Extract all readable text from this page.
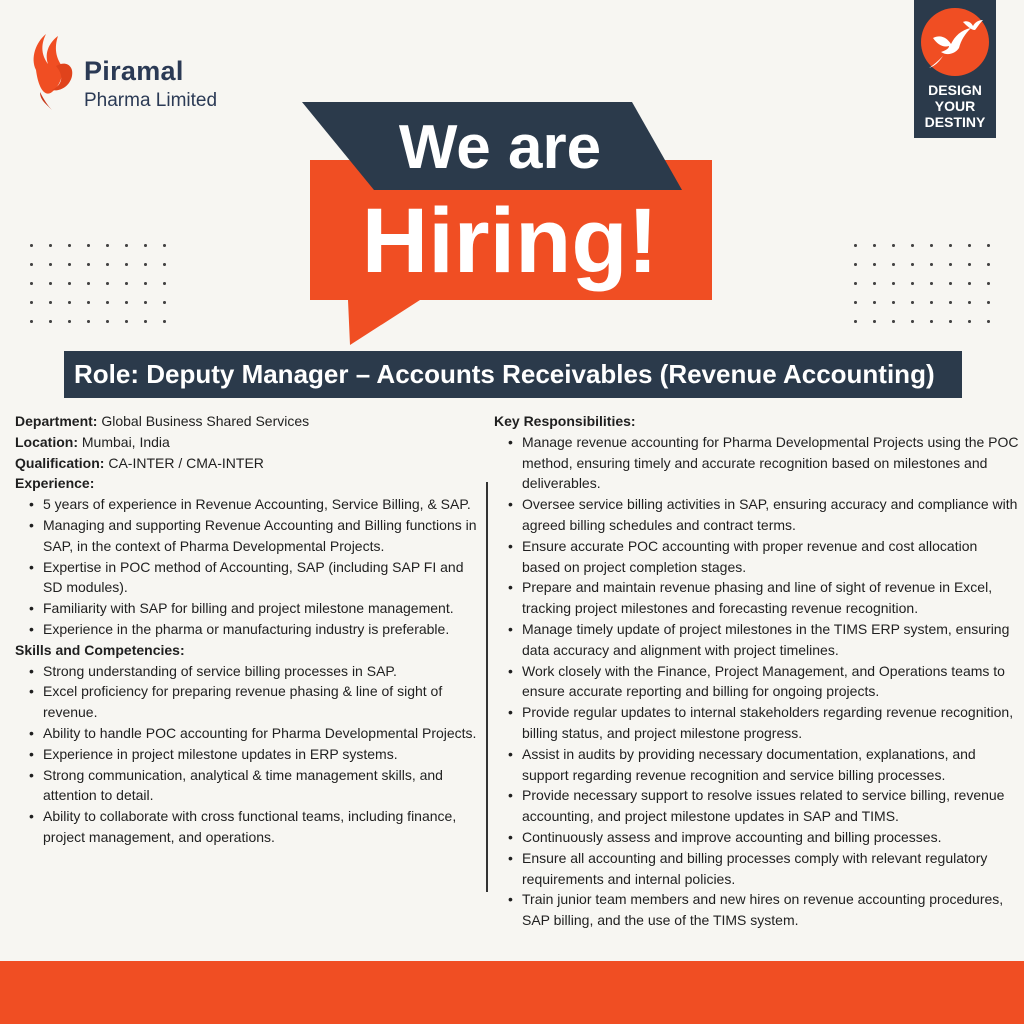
Piramal
Pharma Limited	DESIGN
YOUR
DESTINY
We are
Hiring!
Role: Deputy Manager – Accounts Receivables (Revenue Accounting)
Department: Global Business Shared Services
Location: Mumbai, India
Qualification: CA-INTER / CMA-INTER
Experience:
• 5 years of experience in Revenue Accounting, Service Billing, & SAP.
• Managing and supporting Revenue Accounting and Billing functions in SAP, in the context of Pharma Developmental Projects.
• Expertise in POC method of Accounting, SAP (including SAP FI and SD modules).
• Familiarity with SAP for billing and project milestone management.
• Experience in the pharma or manufacturing industry is preferable.
Skills and Competencies:
• Strong understanding of service billing processes in SAP.
• Excel proficiency for preparing revenue phasing & line of sight of revenue.
• Ability to handle POC accounting for Pharma Developmental Projects.
• Experience in project milestone updates in ERP systems.
• Strong communication, analytical & time management skills, and attention to detail.
• Ability to collaborate with cross functional teams, including finance, project management, and operations.
Key Responsibilities:
• Manage revenue accounting for Pharma Developmental Projects using the POC method, ensuring timely and accurate recognition based on milestones and deliverables.
• Oversee service billing activities in SAP, ensuring accuracy and compliance with agreed billing schedules and contract terms.
• Ensure accurate POC accounting with proper revenue and cost allocation based on project completion stages.
• Prepare and maintain revenue phasing and line of sight of revenue in Excel, tracking project milestones and forecasting revenue recognition.
• Manage timely update of project milestones in the TIMS ERP system, ensuring data accuracy and alignment with project timelines.
• Work closely with the Finance, Project Management, and Operations teams to ensure accurate reporting and billing for ongoing projects.
• Provide regular updates to internal stakeholders regarding revenue recognition, billing status, and project milestone progress.
• Assist in audits by providing necessary documentation, explanations, and support regarding revenue recognition and service billing processes.
• Provide necessary support to resolve issues related to service billing, revenue accounting, and project milestone updates in SAP and TIMS.
• Continuously assess and improve accounting and billing processes.
• Ensure all accounting and billing processes comply with relevant regulatory requirements and internal policies.
• Train junior team members and new hires on revenue accounting procedures, SAP billing, and the use of the TIMS system.
